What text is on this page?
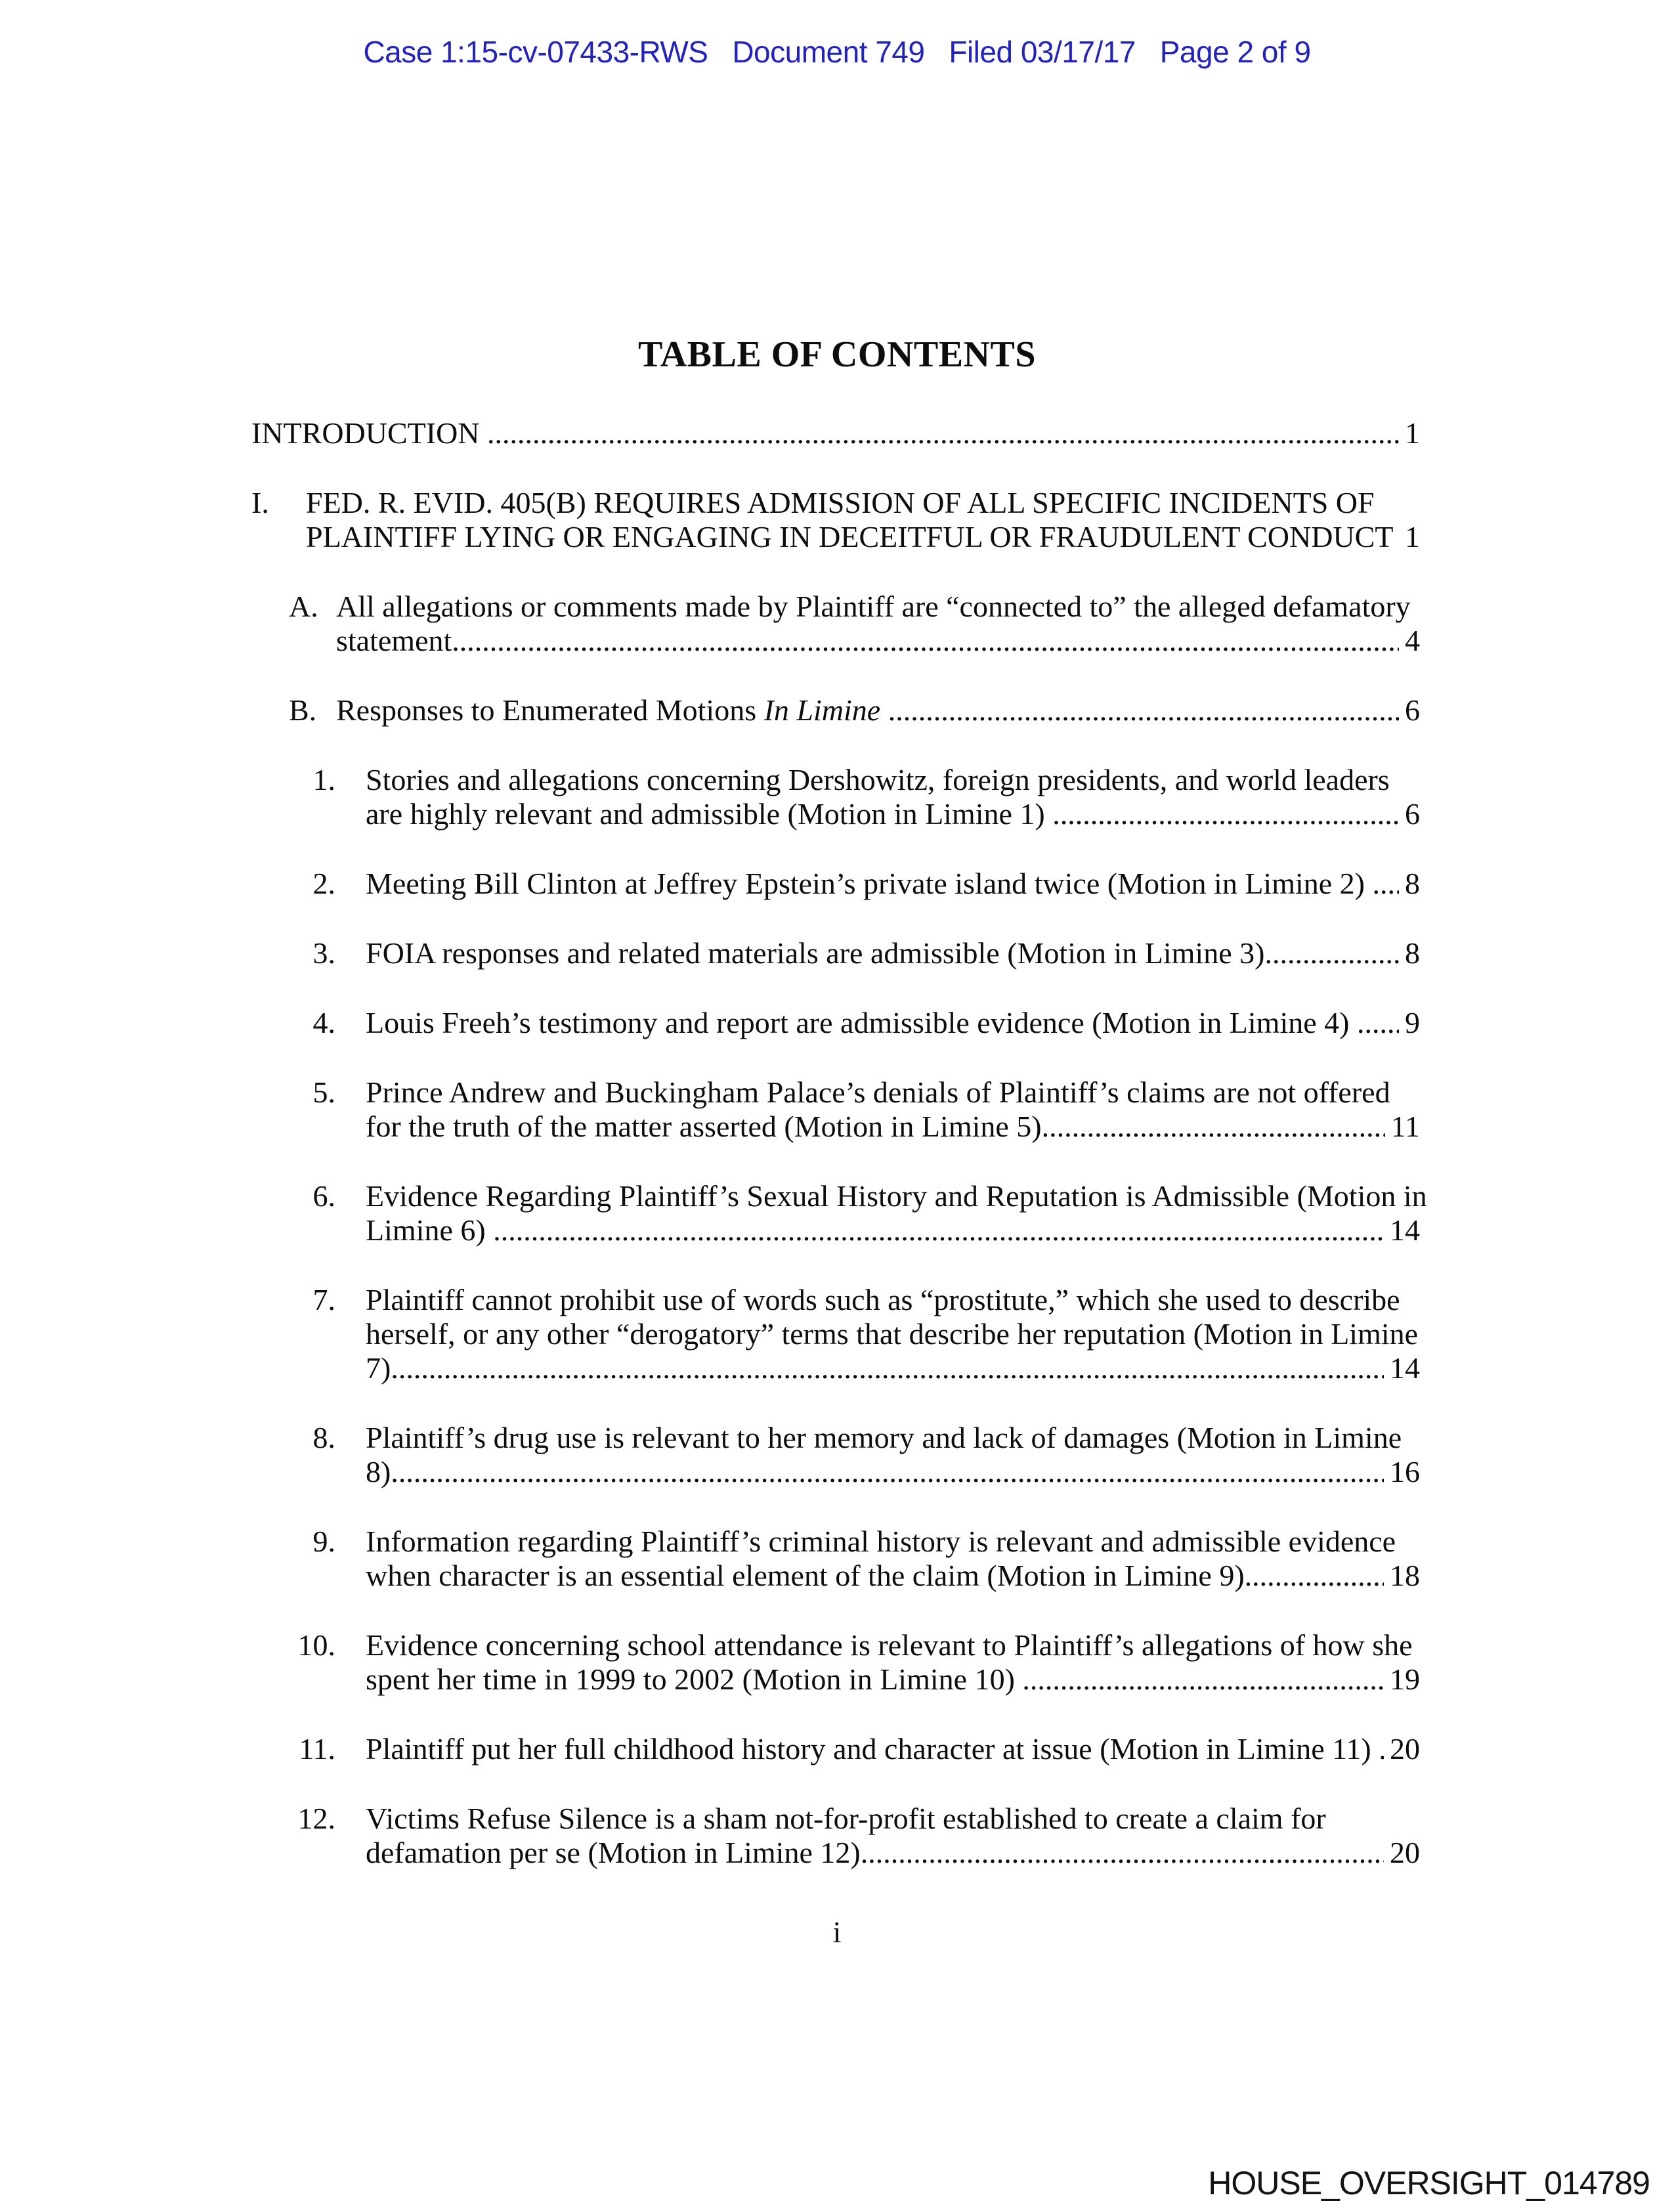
Case 1:15-cv-07433-RWS   Document 749   Filed 03/17/17   Page 2 of 9
TABLE OF CONTENTS
INTRODUCTION .....	1
I. FED. R. EVID. 405(B) REQUIRES ADMISSION OF ALL SPECIFIC INCIDENTS OF
PLAINTIFF LYING OR ENGAGING IN DECEITFUL OR FRAUDULENT CONDUCT 1
A. All allegations or comments made by Plaintiff are “connected to” the alleged defamatory
statement .....	4
B. Responses to Enumerated Motions In Limine .....	6
1. Stories and allegations concerning Dershowitz, foreign presidents, and world leaders
are highly relevant and admissible (Motion in Limine 1) .....	6
2. Meeting Bill Clinton at Jeffrey Epstein’s private island twice (Motion in Limine 2) ..... 8
3. FOIA responses and related materials are admissible (Motion in Limine 3) .....	8
4. Louis Freeh’s testimony and report are admissible evidence (Motion in Limine 4) ..... 9
5. Prince Andrew and Buckingham Palace’s denials of Plaintiff’s claims are not offered
for the truth of the matter asserted (Motion in Limine 5) .....	11
6. Evidence Regarding Plaintiff’s Sexual History and Reputation is Admissible (Motion in
Limine 6) .....	14
7. Plaintiff cannot prohibit use of words such as “prostitute,” which she used to describe
herself, or any other “derogatory” terms that describe her reputation (Motion in Limine
7) .....	14
8. Plaintiff’s drug use is relevant to her memory and lack of damages (Motion in Limine
8) .....	16
9. Information regarding Plaintiff’s criminal history is relevant and admissible evidence
when character is an essential element of the claim (Motion in Limine 9) .....	18
10. Evidence concerning school attendance is relevant to Plaintiff’s allegations of how she
spent her time in 1999 to 2002 (Motion in Limine 10) .....	19
11. Plaintiff put her full childhood history and character at issue (Motion in Limine 11) ..... 20
12. Victims Refuse Silence is a sham not-for-profit established to create a claim for
defamation per se (Motion in Limine 12) .....	20
i
HOUSE_OVERSIGHT_014789
